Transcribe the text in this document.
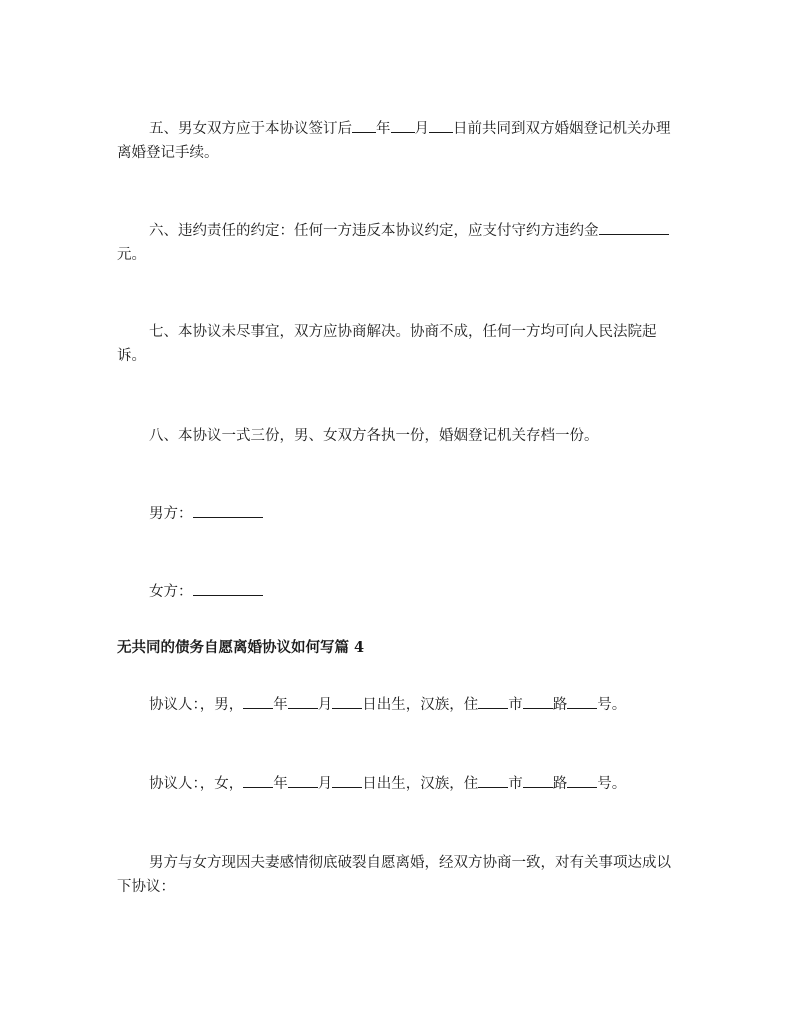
五、男女双方应于本协议签订后 年 月 日前共同到双方婚姻登记机关办理离婚登记手续。

六、违约责任的约定：任何一方违反本协议约定，应支付守约方违约金元。

七、本协议未尽事宜，双方应协商解决。协商不成，任何一方均可向人民法院起诉。

八、本协议一式三份，男、女双方各执一份，婚姻登记机关存档一份。

男方：

女方：

无共同的债务自愿离婚协议如何写篇 4

协议人：，男， 年 月 日出生，汉族，住 市 路 号。

协议人：，女， 年 月 日出生，汉族，住 市 路 号。

男方与女方现因夫妻感情彻底破裂自愿离婚，经双方协商一致，对有关事项达成以下协议：
